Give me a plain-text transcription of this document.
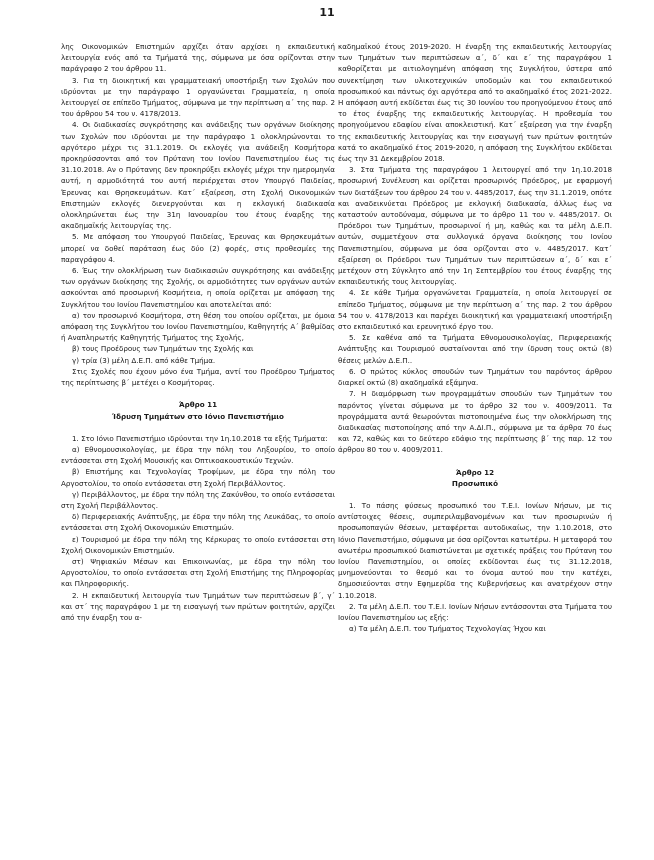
11

λης Οικονομικών Επιστημών αρχίζει όταν αρχίσει η εκπαιδευτική λειτουργία ενός από τα Τμήματά της, σύμφωνα με όσα ορίζονται στην παράγραφο 2 του άρθρου 11.

3. Για τη διοικητική και γραμματειακή υποστήριξη των Σχολών που ιδρύονται με την παράγραφο 1 οργανώνεται Γραμματεία, η οποία λειτουργεί σε επίπεδο Τμήματος, σύμφωνα με την περίπτωση α΄ της παρ. 2 του άρθρου 54 του ν. 4178/2013.

4. Οι διαδικασίες συγκρότησης και ανάδειξης των οργάνων διοίκησης των Σχολών που ιδρύονται με την παράγραφο 1 ολοκληρώνονται το αργότερο μέχρι τις 31.1.2019. Οι εκλογές για ανάδειξη Κοσμήτορα προκηρύσσονται από τον Πρύτανη του Ιονίου Πανεπιστημίου έως τις 31.10.2018. Αν ο Πρύτανης δεν προκηρύξει εκλογές μέχρι την ημερομηνία αυτή, η αρμοδιότητά του αυτή περιέρχεται στον Υπουργό Παιδείας, Έρευνας και Θρησκευμάτων. Κατ΄ εξαίρεση, στη Σχολή Οικονομικών Επιστημών εκλογές διενεργούνται και η εκλογική διαδικασία ολοκληρώνεται έως την 31η Ιανουαρίου του έτους έναρξης της ακαδημαϊκής λειτουργίας της.

5. Με απόφαση του Υπουργού Παιδείας, Έρευνας και Θρησκευμάτων μπορεί να δοθεί παράταση έως δύο (2) φορές, στις προθεσμίες της παραγράφου 4.

6. Έως την ολοκλήρωση των διαδικασιών συγκρότησης και ανάδειξης των οργάνων διοίκησης της Σχολής, οι αρμοδιότητες των οργάνων αυτών ασκούνται από προσωρινή Κοσμήτεια, η οποία ορίζεται με απόφαση της Συγκλήτου του Ιονίου Πανεπιστημίου και αποτελείται από:

α) τον προσωρινό Κοσμήτορα, στη θέση του οποίου ορίζεται, με όμοια απόφαση της Συγκλήτου του Ιονίου Πανεπιστημίου, Καθηγητής Α΄ βαθμίδας ή Αναπληρωτής Καθηγητής Τμήματος της Σχολής,

β) τους Προέδρους των Τμημάτων της Σχολής και

γ) τρία (3) μέλη Δ.Ε.Π. από κάθε Τμήμα.

Στις Σχολές που έχουν μόνο ένα Τμήμα, αντί του Προέδρου Τμήματος της περίπτωσης β΄ μετέχει ο Κοσμήτορας.

Άρθρο 11

Ίδρυση Τμημάτων στο Ιόνιο Πανεπιστήμιο

1. Στο Ιόνιο Πανεπιστήμιο ιδρύονται την 1η.10.2018 τα εξής Τμήματα:

α) Εθνομουσικολογίας, με έδρα την πόλη του Ληξουρίου, το οποίο εντάσσεται στη Σχολή Μουσικής και Οπτικοακουστικών Τεχνών.

β) Επιστήμης και Τεχνολογίας Τροφίμων, με έδρα την πόλη του Αργοστολίου, το οποίο εντάσσεται στη Σχολή Περιβάλλοντος.

γ) Περιβάλλοντος, με έδρα την πόλη της Ζακύνθου, το οποίο εντάσσεται στη Σχολή Περιβάλλοντος.

δ) Περιφερειακής Ανάπτυξης, με έδρα την πόλη της Λευκάδας, το οποίο εντάσσεται στη Σχολή Οικονομικών Επιστημών.

ε) Τουρισμού με έδρα την πόλη της Κέρκυρας το οποίο εντάσσεται στη Σχολή Οικονομικών Επιστημών.

στ) Ψηφιακών Μέσων και Επικοινωνίας, με έδρα την πόλη του Αργοστολίου, το οποίο εντάσσεται στη Σχολή Επιστήμης της Πληροφορίας και Πληροφορικής.

2. Η εκπαιδευτική λειτουργία των Τμημάτων των περιπτώσεων β΄, γ΄ και στ΄ της παραγράφου 1 με τη εισαγωγή των πρώτων φοιτητών, αρχίζει από την έναρξη του α-

καδημαϊκού έτους 2019-2020. Η έναρξη της εκπαιδευτικής λειτουργίας των Τμημάτων των περιπτώσεων α΄, δ΄ και ε΄ της παραγράφου 1 καθορίζεται με αιτιολογημένη απόφαση της Συγκλήτου, ύστερα από συνεκτίμηση των υλικοτεχνικών υποδομών και του εκπαιδευτικού προσωπικού και πάντως όχι αργότερα από το ακαδημαϊκό έτος 2021-2022. Η απόφαση αυτή εκδίδεται έως τις 30 Ιουνίου του προηγούμενου έτους από το έτος έναρξης της εκπαιδευτικής λειτουργίας. Η προθεσμία του προηγούμενου εδαφίου είναι αποκλειστική. Κατ΄ εξαίρεση για την έναρξη της εκπαιδευτικής λειτουργίας και την εισαγωγή των πρώτων φοιτητών κατά το ακαδημαϊκό έτος 2019-2020, η απόφαση της Συγκλήτου εκδίδεται έως την 31 Δεκεμβρίου 2018.

3. Στα Τμήματα της παραγράφου 1 λειτουργεί από την 1η.10.2018 προσωρινή Συνέλευση και ορίζεται προσωρινός Πρόεδρος, με εφαρμογή των διατάξεων του άρθρου 24 του ν. 4485/2017, έως την 31.1.2019, οπότε και αναδεικνύεται Πρόεδρος με εκλογική διαδικασία, άλλως έως να καταστούν αυτοδύναμα, σύμφωνα με το άρθρο 11 του ν. 4485/2017. Οι Πρόεδροι των Τμημάτων, προσωρινοί ή μη, καθώς και τα μέλη Δ.Ε.Π. αυτών, συμμετέχουν στα συλλογικά όργανα διοίκησης του Ιονίου Πανεπιστημίου, σύμφωνα με όσα ορίζονται στο ν. 4485/2017. Κατ΄ εξαίρεση οι Πρόεδροι των Τμημάτων των περιπτώσεων α΄, δ΄ και ε΄ μετέχουν στη Σύγκλητο από την 1η Σεπτεμβρίου του έτους έναρξης της εκπαιδευτικής τους λειτουργίας.

4. Σε κάθε Τμήμα οργανώνεται Γραμματεία, η οποία λειτουργεί σε επίπεδο Τμήματος, σύμφωνα με την περίπτωση α΄ της παρ. 2 του άρθρου 54 του ν. 4178/2013 και παρέχει διοικητική και γραμματειακή υποστήριξη στο εκπαιδευτικό και ερευνητικό έργο του.

5. Σε καθένα από τα Τμήματα Εθνομουσικολογίας, Περιφερειακής Ανάπτυξης και Τουρισμού συσταίνονται από την ίδρυση τους οκτώ (8) θέσεις μελών Δ.Ε.Π..

6. Ο πρώτος κύκλος σπουδών των Τμημάτων του παρόντος άρθρου διαρκεί οκτώ (8) ακαδημαϊκά εξάμηνα.

7. Η διαμόρφωση των προγραμμάτων σπουδών των Τμημάτων του παρόντος γίνεται σύμφωνα με το άρθρο 32 του ν. 4009/2011. Τα προγράμματα αυτά θεωρούνται πιστοποιημένα έως την ολοκλήρωση της διαδικασίας πιστοποίησης από την Α.ΔΙ.Π., σύμφωνα με τα άρθρα 70 έως και 72, καθώς και το δεύτερο εδάφιο της περίπτωσης β΄ της παρ. 12 του άρθρου 80 του ν. 4009/2011.

Άρθρο 12

Προσωπικό

1. Το πάσης φύσεως προσωπικό του Τ.Ε.Ι. Ιονίων Νήσων, με τις αντίστοιχες θέσεις, συμπεριλαμβανομένων και των προσωρινών ή προσωποπαγών θέσεων, μεταφέρεται αυτοδικαίως, την 1.10.2018, στο Ιόνιο Πανεπιστήμιο, σύμφωνα με όσα ορίζονται κατωτέρω. Η μεταφορά του ανωτέρω προσωπικού διαπιστώνεται με σχετικές πράξεις του Πρύτανη του Ιονίου Πανεπιστημίου, οι οποίες εκδίδονται έως τις 31.12.2018, μνημονεύονται το θεσμό και το όνομα αυτού που την κατέχει, δημοσιεύονται στην Εφημερίδα της Κυβερνήσεως και ανατρέχουν στην 1.10.2018.

2. Τα μέλη Δ.Ε.Π. του Τ.Ε.Ι. Ιονίων Νήσων εντάσσονται στα Τμήματα του Ιονίου Πανεπιστημίου ως εξής:

α) Τα μέλη Δ.Ε.Π. του Τμήματος Τεχνολογίας Ήχου και
